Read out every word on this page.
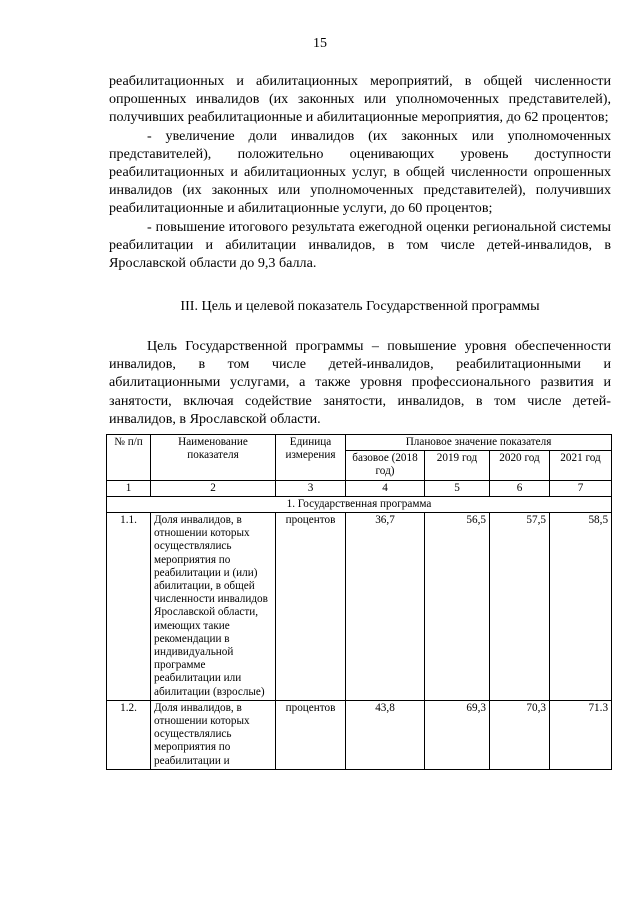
15

реабилитационных и абилитационных мероприятий, в общей численности опрошенных инвалидов (их законных или уполномоченных представителей), получивших реабилитационные и абилитационные мероприятия, до 62 процентов;

- увеличение доли инвалидов (их законных или уполномоченных представителей), положительно оценивающих уровень доступности реабилитационных и абилитационных услуг, в общей численности опрошенных инвалидов (их законных или уполномоченных представителей), получивших реабилитационные и абилитационные услуги, до 60 процентов;

- повышение итогового результата ежегодной оценки региональной системы реабилитации и абилитации инвалидов, в том числе детей-инвалидов, в Ярославской области до 9,3 балла.

III. Цель и целевой показатель Государственной программы

Цель Государственной программы – повышение уровня обеспеченности инвалидов, в том числе детей-инвалидов, реабилитационными и абилитационными услугами, а также уровня профессионального развития и занятости, включая содействие занятости, инвалидов, в том числе детей-инвалидов, в Ярославской области.

№ п/п	Наименование показателя	Единица измерения	Плановое значение показателя			
			базовое (2018 год)	2019 год	2020 год	2021 год
1	2	3	4	5	6	7
1. Государственная программа						
1.1.	Доля инвалидов, в отношении которых осуществлялись мероприятия по реабилитации и (или) абилитации, в общей численности инвалидов Ярославской области, имеющих такие рекомендации в индивидуальной программе реабилитации или абилитации (взрослые)	процентов	36,7	56,5	57,5	58,5
1.2.	Доля инвалидов, в отношении которых осуществлялись мероприятия по реабилитации и	процентов	43,8	69,3	70,3	71.3
